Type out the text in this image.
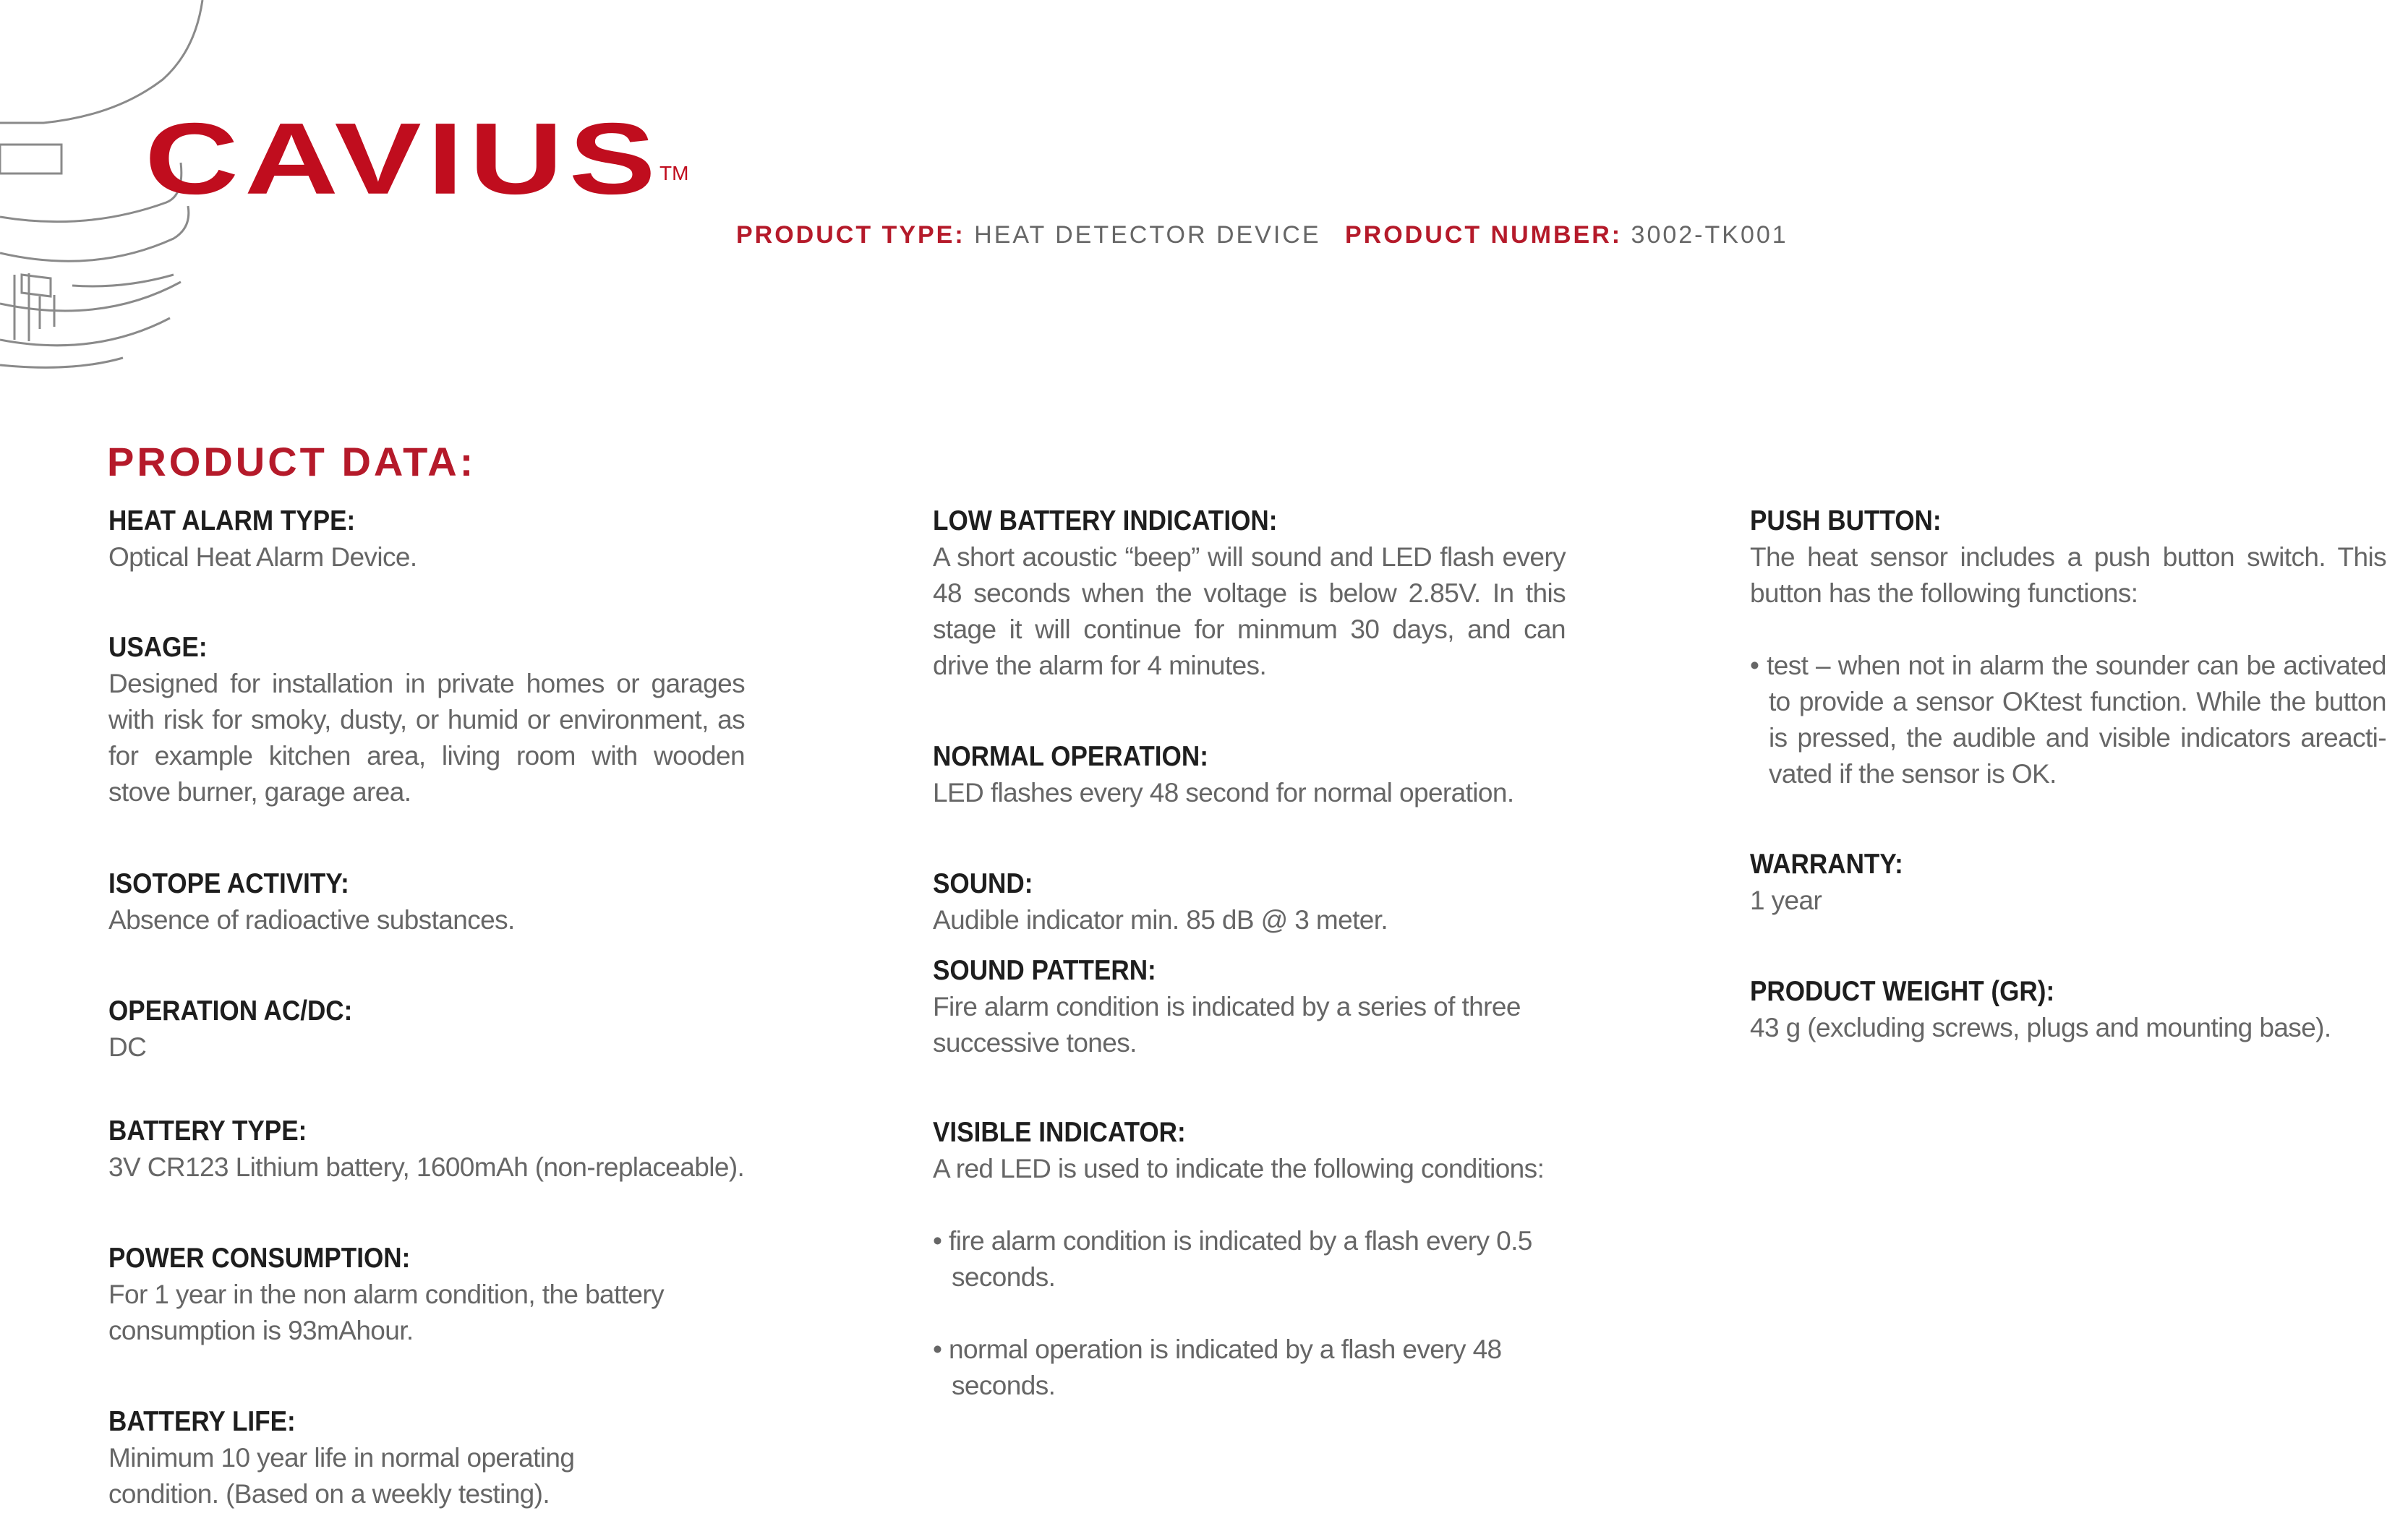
CAVIUS
TM
PRODUCT TYPE: HEAT DETECTOR DEVICE PRODUCT NUMBER: 3002-TK001
PRODUCT DATA:
HEAT ALARM TYPE:
Optical Heat Alarm Device.
USAGE:
Designed for installation in private homes or garages with risk for smoky, dusty, or humid or environment, as for example kitchen area, living room with wooden stove burner, garage area.
ISOTOPE ACTIVITY:
Absence of radioactive substances.
OPERATION AC/DC:
DC
BATTERY TYPE:
3V CR123 Lithium battery, 1600mAh (non-replaceable).
POWER CONSUMPTION:
For 1 year in the non alarm condition, the battery consumption is 93mAhour.
BATTERY LIFE:
Minimum 10 year life in normal operating condition. (Based on a weekly testing).
LOW BATTERY INDICATION:
A short acoustic “beep” will sound and LED flash every 48 seconds when the voltage is below 2.85V. In this stage it will continue for minmum 30 days, and can drive the alarm for 4 minutes.
NORMAL OPERATION:
LED flashes every 48 second for normal operation.
SOUND:
Audible indicator min. 85 dB @ 3 meter.
SOUND PATTERN:
Fire alarm condition is indicated by a series of three successive tones.
VISIBLE INDICATOR:
A red LED is used to indicate the following conditions:
• fire alarm condition is indicated by a flash every 0.5 seconds.
• normal operation is indicated by a flash every 48 seconds.
PUSH BUTTON:
The heat sensor includes a push button switch. This button has the following functions:
• test – when not in alarm the sounder can be activated to provide a sensor OKtest function. While the button is pressed, the audible and visible indicators areacti-vated if the sensor is OK.
WARRANTY:
1 year
PRODUCT WEIGHT (GR):
43 g (excluding screws, plugs and mounting base).
